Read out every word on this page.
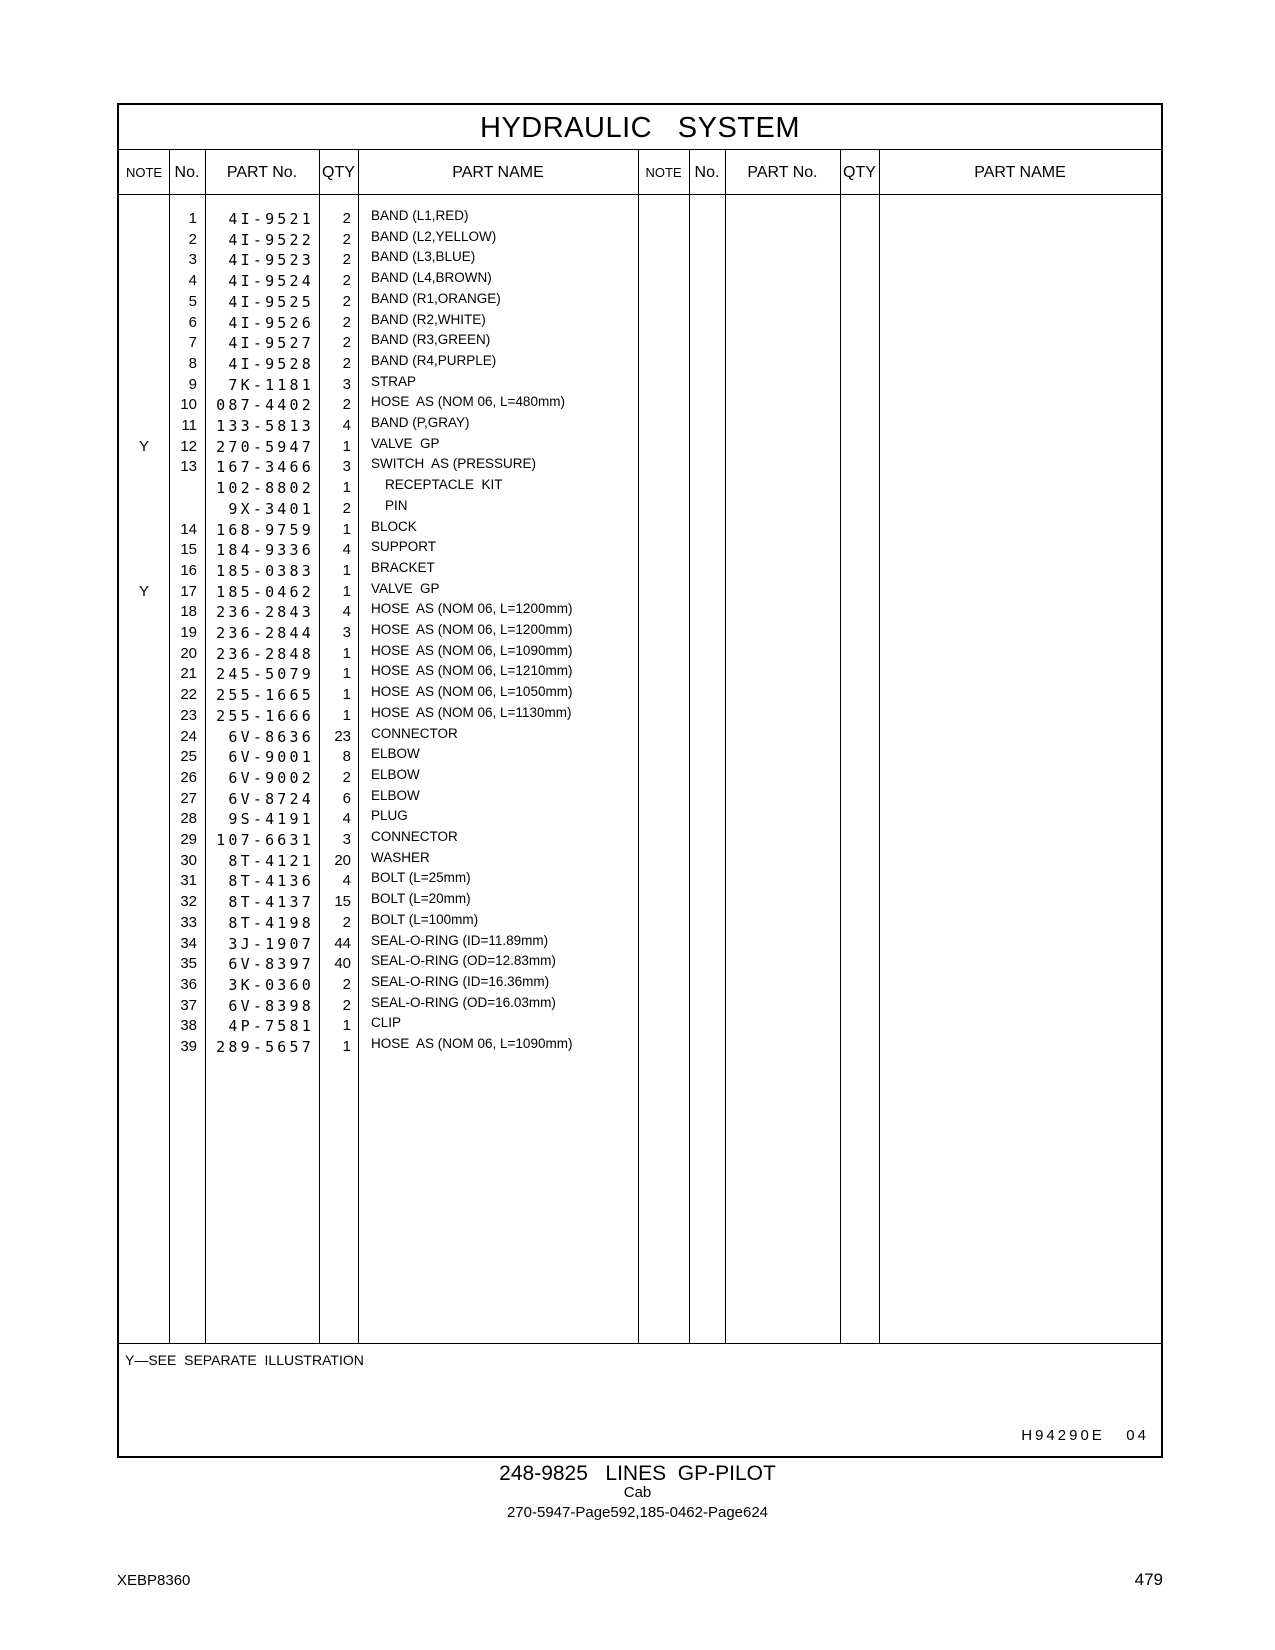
HYDRAULIC   SYSTEM
NOTE No.	PART No.	QTY	PART NAME	NOTE No.	PART No.	QTY	PART NAME
1	4I-9521	2 BAND (L1,RED)
2	4I-9522	2 BAND (L2,YELLOW)
3	4I-9523	2 BAND (L3,BLUE)
4	4I-9524	2 BAND (L4,BROWN)
5	4I-9525	2 BAND (R1,ORANGE)
6	4I-9526	2 BAND (R2,WHITE)
7	4I-9527	2 BAND (R3,GREEN)
8	4I-9528	2 BAND (R4,PURPLE)
9	7K-1181	3 STRAP
10	087-4402	2 HOSE  AS (NOM 06, L=480mm)
11	133-5813	4 BAND (P,GRAY)
Y	12	270-5947	1 VALVE  GP
13	167-3466	3 SWITCH  AS (PRESSURE)
102-8802	1	RECEPTACLE  KIT
9X-3401	2	PIN
14	168-9759	1 BLOCK
15	184-9336	4 SUPPORT
16	185-0383	1 BRACKET
Y	17	185-0462	1 VALVE  GP
18	236-2843	4 HOSE  AS (NOM 06, L=1200mm)
19	236-2844	3 HOSE  AS (NOM 06, L=1200mm)
20	236-2848	1 HOSE  AS (NOM 06, L=1090mm)
21	245-5079	1 HOSE  AS (NOM 06, L=1210mm)
22	255-1665	1 HOSE  AS (NOM 06, L=1050mm)
23	255-1666	1 HOSE  AS (NOM 06, L=1130mm)
24	6V-8636	23 CONNECTOR
25	6V-9001	8 ELBOW
26	6V-9002	2 ELBOW
27	6V-8724	6 ELBOW
28	9S-4191	4 PLUG
29	107-6631	3 CONNECTOR
30	8T-4121	20 WASHER
31	8T-4136	4 BOLT (L=25mm)
32	8T-4137	15 BOLT (L=20mm)
33	8T-4198	2 BOLT (L=100mm)
34	3J-1907	44 SEAL-O-RING (ID=11.89mm)
35	6V-8397	40 SEAL-O-RING (OD=12.83mm)
36	3K-0360	2 SEAL-O-RING (ID=16.36mm)
37	6V-8398	2 SEAL-O-RING (OD=16.03mm)
38	4P-7581	1 CLIP
39	289-5657	1 HOSE  AS (NOM 06, L=1090mm)
Y—SEE  SEPARATE  ILLUSTRATION
H94290E   04
248-9825   LINES  GP-PILOT
Cab
270-5947-Page592,185-0462-Page624
XEBP8360	479
